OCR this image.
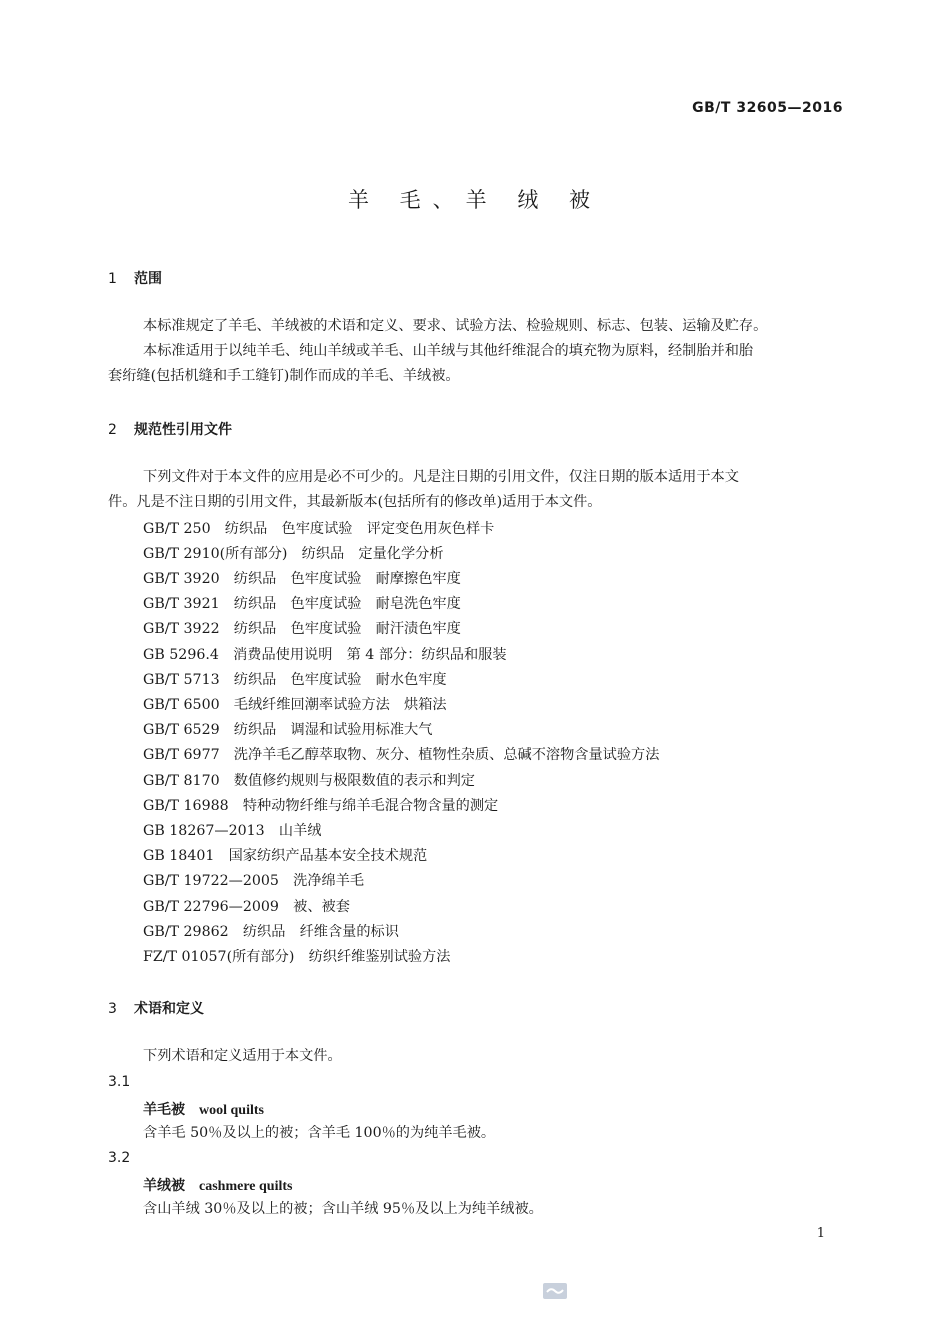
GB/T 32605—2016
羊 毛、羊 绒 被
1 范围
本标准规定了羊毛、羊绒被的术语和定义、要求、试验方法、检验规则、标志、包装、运输及贮存。
本标准适用于以纯羊毛、纯山羊绒或羊毛、山羊绒与其他纤维混合的填充物为原料，经制胎并和胎
套绗缝(包括机缝和手工缝钉)制作而成的羊毛、羊绒被。
2 规范性引用文件
下列文件对于本文件的应用是必不可少的。凡是注日期的引用文件，仅注日期的版本适用于本文
件。凡是不注日期的引用文件，其最新版本(包括所有的修改单)适用于本文件。
GB/T 250　纺织品　色牢度试验　评定变色用灰色样卡
GB/T 2910(所有部分)　纺织品　定量化学分析
GB/T 3920　纺织品　色牢度试验　耐摩擦色牢度
GB/T 3921　纺织品　色牢度试验　耐皂洗色牢度
GB/T 3922　纺织品　色牢度试验　耐汗渍色牢度
GB 5296.4　消费品使用说明　第 4 部分：纺织品和服装
GB/T 5713　纺织品　色牢度试验　耐水色牢度
GB/T 6500　毛绒纤维回潮率试验方法　烘箱法
GB/T 6529　纺织品　调湿和试验用标准大气
GB/T 6977　洗净羊毛乙醇萃取物、灰分、植物性杂质、总碱不溶物含量试验方法
GB/T 8170　数值修约规则与极限数值的表示和判定
GB/T 16988　特种动物纤维与绵羊毛混合物含量的测定
GB 18267—2013　山羊绒
GB 18401　国家纺织产品基本安全技术规范
GB/T 19722—2005　洗净绵羊毛
GB/T 22796—2009　被、被套
GB/T 29862　纺织品　纤维含量的标识
FZ/T 01057(所有部分)　纺织纤维鉴别试验方法
3 术语和定义
下列术语和定义适用于本文件。
3.1
羊毛被 wool quilts
含羊毛 50％及以上的被；含羊毛 100％的为纯羊毛被。
3.2
羊绒被 cashmere quilts
含山羊绒 30％及以上的被；含山羊绒 95％及以上为纯羊绒被。
1
